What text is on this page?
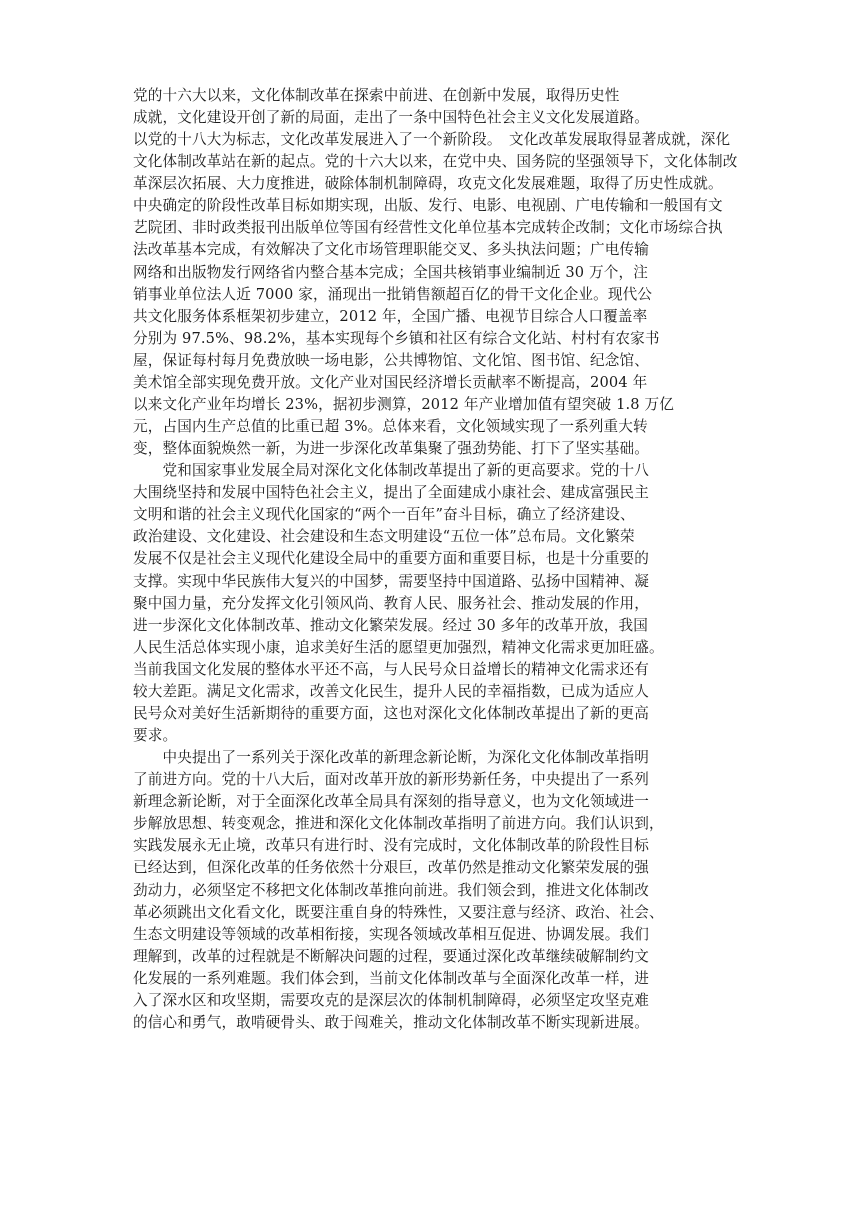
党的十六大以来，文化体制改革在探索中前进、在创新中发展，取得历史性
成就，文化建设开创了新的局面，走出了一条中国特色社会主义文化发展道路。
以党的十八大为标志，文化改革发展进入了一个新阶段。　文化改革发展取得显著成就，深化
文化体制改革站在新的起点。党的十六大以来，在党中央、国务院的坚强领导下，文化体制改
革深层次拓展、大力度推进，破除体制机制障碍，攻克文化发展难题，取得了历史性成就。
中央确定的阶段性改革目标如期实现，出版、发行、电影、电视剧、广电传输和一般国有文
艺院团、非时政类报刊出版单位等国有经营性文化单位基本完成转企改制；文化市场综合执
法改革基本完成，有效解决了文化市场管理职能交叉、多头执法问题；广电传输
网络和出版物发行网络省内整合基本完成；全国共核销事业编制近 30 万个，注
销事业单位法人近 7000 家，涌现出一批销售额超百亿的骨干文化企业。现代公
共文化服务体系框架初步建立，2012 年，全国广播、电视节目综合人口覆盖率
分别为 97.5%、98.2%，基本实现每个乡镇和社区有综合文化站、村村有农家书
屋，保证每村每月免费放映一场电影，公共博物馆、文化馆、图书馆、纪念馆、
美术馆全部实现免费开放。文化产业对国民经济增长贡献率不断提高，2004 年
以来文化产业年均增长 23%，据初步测算，2012 年产业增加值有望突破 1.8 万亿
元，占国内生产总值的比重已超 3%。总体来看，文化领域实现了一系列重大转
变，整体面貌焕然一新，为进一步深化改革集聚了强劲势能、打下了坚实基础。
　　党和国家事业发展全局对深化文化体制改革提出了新的更高要求。党的十八
大围绕坚持和发展中国特色社会主义，提出了全面建成小康社会、建成富强民主
文明和谐的社会主义现代化国家的“两个一百年”奋斗目标，确立了经济建设、
政治建设、文化建设、社会建设和生态文明建设“五位一体”总布局。文化繁荣
发展不仅是社会主义现代化建设全局中的重要方面和重要目标，也是十分重要的
支撑。实现中华民族伟大复兴的中国梦，需要坚持中国道路、弘扬中国精神、凝
聚中国力量，充分发挥文化引领风尚、教育人民、服务社会、推动发展的作用，
进一步深化文化体制改革、推动文化繁荣发展。经过 30 多年的改革开放，我国
人民生活总体实现小康，追求美好生活的愿望更加强烈，精神文化需求更加旺盛。
当前我国文化发展的整体水平还不高，与人民号众日益增长的精神文化需求还有
较大差距。满足文化需求，改善文化民生，提升人民的幸福指数，已成为适应人
民号众对美好生活新期待的重要方面，这也对深化文化体制改革提出了新的更高
要求。
　　中央提出了一系列关于深化改革的新理念新论断，为深化文化体制改革指明
了前进方向。党的十八大后，面对改革开放的新形势新任务，中央提出了一系列
新理念新论断，对于全面深化改革全局具有深刻的指导意义，也为文化领域进一
步解放思想、转变观念，推进和深化文化体制改革指明了前进方向。我们认识到，
实践发展永无止境，改革只有进行时、没有完成时，文化体制改革的阶段性目标
已经达到，但深化改革的任务依然十分艰巨，改革仍然是推动文化繁荣发展的强
劲动力，必须坚定不移把文化体制改革推向前进。我们领会到，推进文化体制改
革必须跳出文化看文化，既要注重自身的特殊性，又要注意与经济、政治、社会、
生态文明建设等领域的改革相衔接，实现各领域改革相互促进、协调发展。我们
理解到，改革的过程就是不断解决问题的过程，要通过深化改革继续破解制约文
化发展的一系列难题。我们体会到，当前文化体制改革与全面深化改革一样，进
入了深水区和攻坚期，需要攻克的是深层次的体制机制障碍，必须坚定攻坚克难
的信心和勇气，敢啃硬骨头、敢于闯难关，推动文化体制改革不断实现新进展。
